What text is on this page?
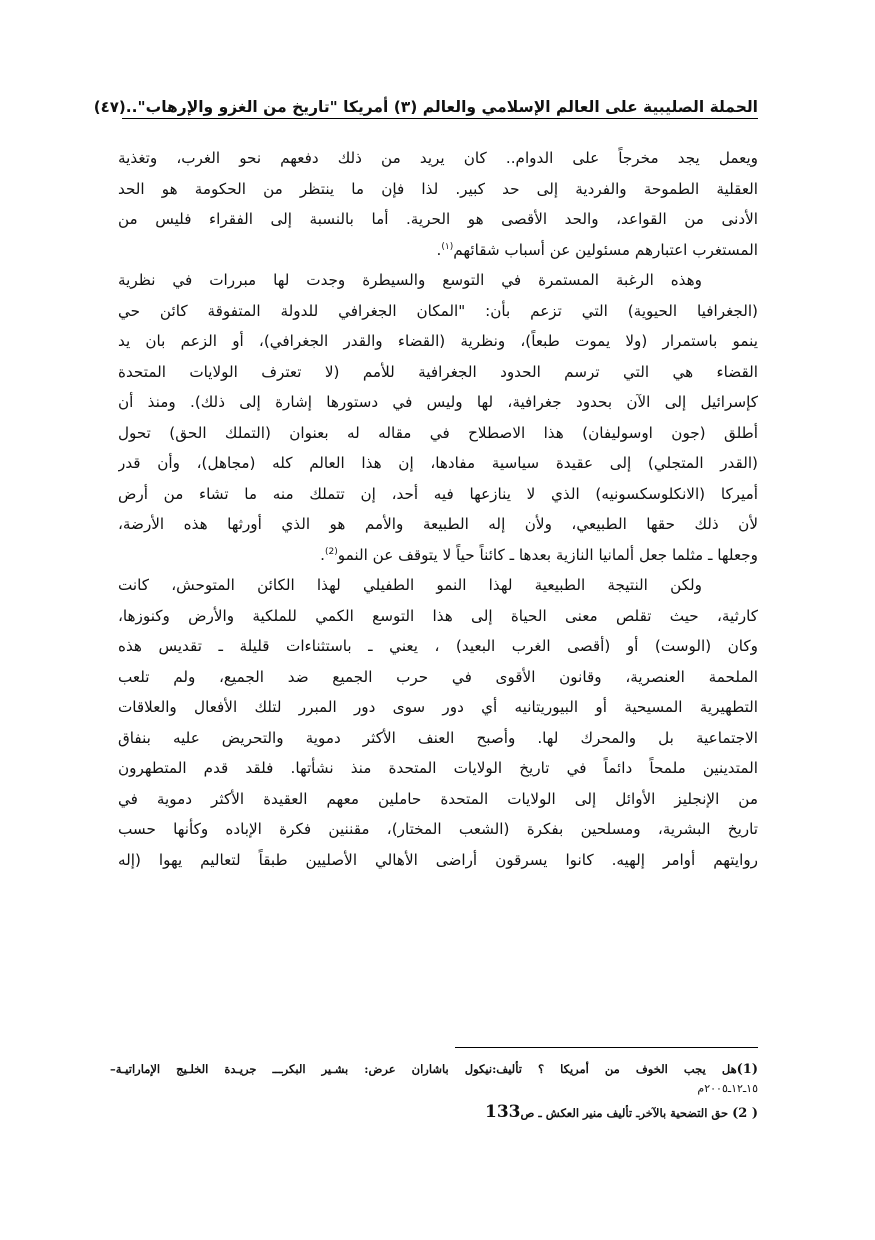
الحملة الصليبية على العالم الإسلامي والعالم (٣) أمريكا "تاريخ من الغزو والإرهاب"..
(٤٧)
ويعمل يجد مخرجاً على الدوام.. كان يريد من ذلك دفعهم نحو الغرب، وتغذية
العقلية الطموحة والفردية إلى حد كبير. لذا فإن ما ينتظر من الحكومة هو الحد
الأدنى من القواعد، والحد الأقصى هو الحرية. أما بالنسبة إلى الفقراء فليس من
المستغرب اعتبارهم مسئولين عن أسباب شقائهم$^{(١)}$.
وهذه الرغبة المستمرة في التوسع والسيطرة وجدت لها مبررات في نظرية
(الجغرافيا الحيوية) التي تزعم بأن: "المكان الجغرافي للدولة المتفوقة كائن حي
ينمو باستمرار (ولا يموت طبعاً)، ونظرية (القضاء والقدر الجغرافي)، أو الزعم بان يد
القضاء هي التي ترسم الحدود الجغرافية للأمم (لا تعترف الولايات المتحدة
كإسرائيل إلى الآن بحدود جغرافية، لها وليس في دستورها إشارة إلى ذلك). ومنذ أن
أطلق (جون اوسوليفان) هذا الاصطلاح في مقاله له بعنوان (التملك الحق) تحول
(القدر المتجلي) إلى عقيدة سياسية مفادها، إن هذا العالم كله (مجاهل)، وأن قدر
أميركا (الانكلوسكسونيه) الذي لا ينازعها فيه أحد، إن تتملك منه ما تشاء من أرض
لأن ذلك حقها الطبيعي، ولأن إله الطبيعة والأمم هو الذي أورثها هذه الأرضة،
وجعلها ـ مثلما جعل ألمانيا النازية بعدها ـ كائناً حياً لا يتوقف عن النمو$^{(2)}$.
ولكن النتيجة الطبيعية لهذا النمو الطفيلي لهذا الكائن المتوحش، كانت
كارثية، حيث تقلص معنى الحياة إلى هذا التوسع الكمي للملكية والأرض وكنوزها،
وكان (الوست) أو (أقصى الغرب البعيد) ، يعني ـ باستثناءات قليلة ـ تقديس هذه
الملحمة العنصرية، وقانون الأقوى في حرب الجميع ضد الجميع، ولم تلعب
التطهيرية المسيحية أو البيوريتانيه أي دور سوى دور المبرر لتلك الأفعال والعلاقات
الاجتماعية بل والمحرك لها. وأصبح العنف الأكثر دموية والتحريض عليه بنفاق
المتدينين ملمحاً دائماً في تاريخ الولايات المتحدة منذ نشأتها. فلقد قدم المتطهرون
من الإنجليز الأوائل إلى الولايات المتحدة حاملين معهم العقيدة الأكثر دموية في
تاريخ البشرية، ومسلحين بفكرة (الشعب المختار)، مقننين فكرة الإباده وكأنها حسب
روايتهم أوامر إلهيه. كانوا يسرقون أراضى الأهالي الأصليين طبقاً لتعاليم يهوا (إله
(1)هل يجب الخوف من أمريكا ؟ تأليف:نيكول باشاران عرض: بشـير البكرـــ جريـدة الخلـيج الإماراتيـة–
١٥ـ١٢ـ٢٠٠٥م
( 2) حق التضحية بالآخرـ تأليف منير العكش ـ ص133
